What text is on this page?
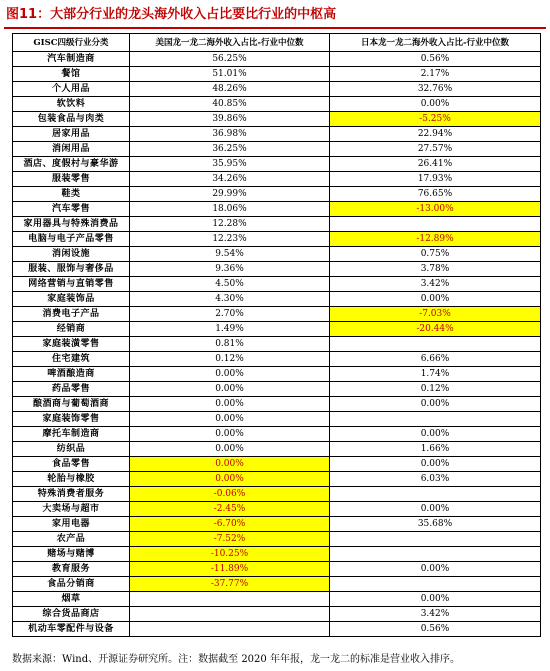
图11：大部分行业的龙头海外收入占比要比行业的中枢高
GISC四级行业分类	美国龙一龙二海外收入占比-行业中位数	日本龙一龙二海外收入占比-行业中位数
汽车制造商	56.25%	0.56%
餐馆	51.01%	2.17%
个人用品	48.26%	32.76%
软饮料	40.85%	0.00%
包装食品与肉类	39.86%	-5.25%
居家用品	36.98%	22.94%
消闲用品	36.25%	27.57%
酒店、度假村与豪华游	35.95%	26.41%
服装零售	34.26%	17.93%
鞋类	29.99%	76.65%
汽车零售	18.06%	-13.00%
家用器具与特殊消费品	12.28%	
电脑与电子产品零售	12.23%	-12.89%
消闲设施	9.54%	0.75%
服装、服饰与奢侈品	9.36%	3.78%
网络营销与直销零售	4.50%	3.42%
家庭装饰品	4.30%	0.00%
消费电子产品	2.70%	-7.03%
经销商	1.49%	-20.44%
家庭装潢零售	0.81%	
住宅建筑	0.12%	6.66%
啤酒酿造商	0.00%	1.74%
药品零售	0.00%	0.12%
酿酒商与葡萄酒商	0.00%	0.00%
家庭装饰零售	0.00%	
摩托车制造商	0.00%	0.00%
纺织品	0.00%	1.66%
食品零售	0.00%	0.00%
轮胎与橡胶	0.00%	6.03%
特殊消费者服务	-0.06%	
大卖场与超市	-2.45%	0.00%
家用电器	-6.70%	35.68%
农产品	-7.52%	
赌场与赌博	-10.25%	
教育服务	-11.89%	0.00%
食品分销商	-37.77%	
烟草		0.00%
综合货品商店		3.42%
机动车零配件与设备		0.56%
数据来源：Wind、开源证券研究所。注：数据截至 2020 年年报，龙一龙二的标准是营业收入排序。
